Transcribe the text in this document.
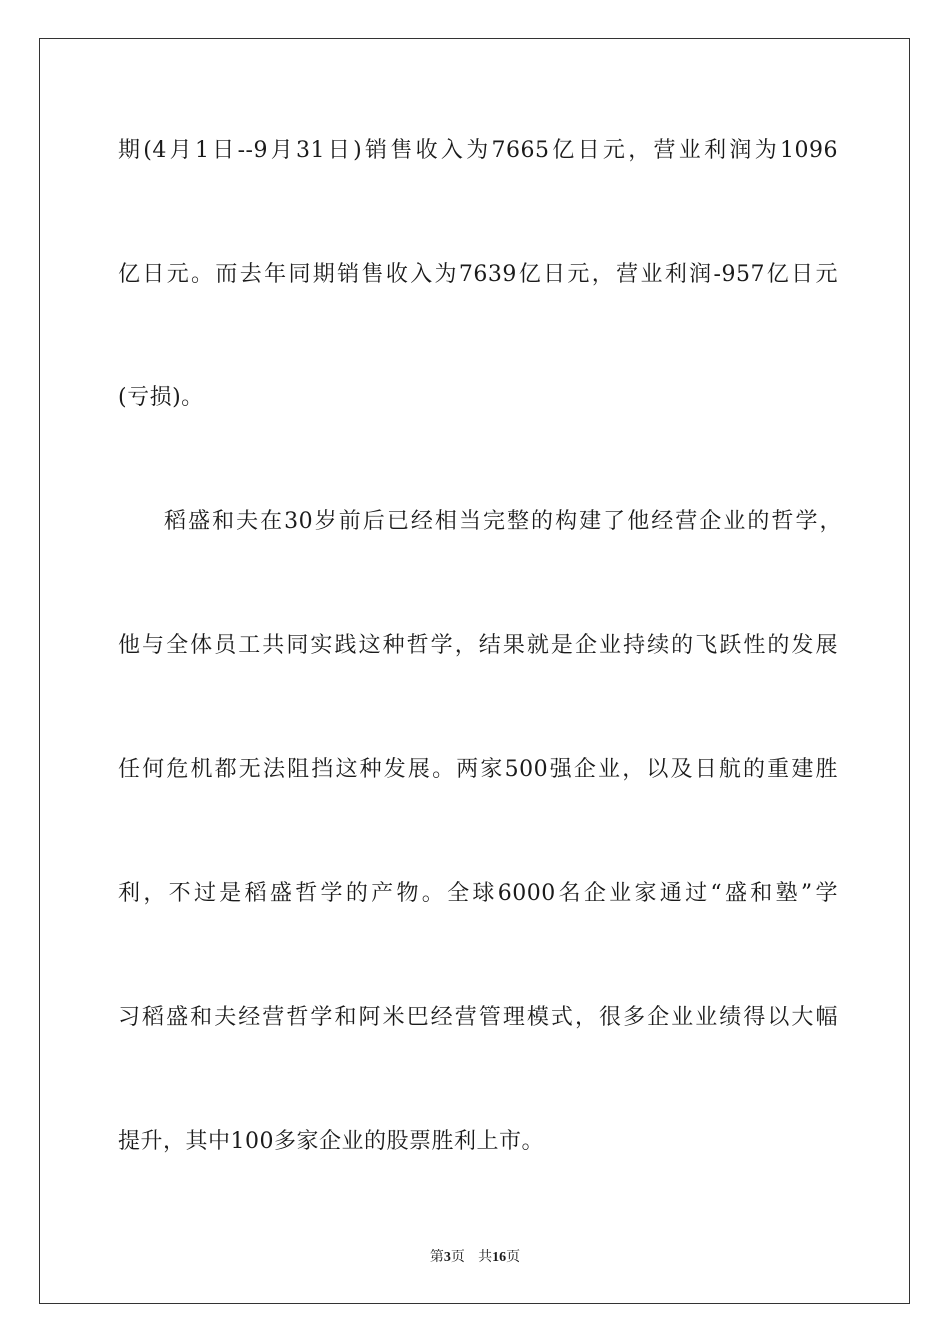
期(4月1日--9月31日)销售收入为7665亿日元，营业利润为1096
亿日元。而去年同期销售收入为7639亿日元，营业利润-957亿日元
(亏损)。
稻盛和夫在30岁前后已经相当完整的构建了他经营企业的哲学，
他与全体员工共同实践这种哲学，结果就是企业持续的飞跃性的发展
任何危机都无法阻挡这种发展。两家500强企业，以及日航的重建胜
利，不过是稻盛哲学的产物。全球6000名企业家通过“盛和塾”学
习稻盛和夫经营哲学和阿米巴经营管理模式，很多企业业绩得以大幅
提升，其中100多家企业的股票胜利上市。
第3页 共16页
